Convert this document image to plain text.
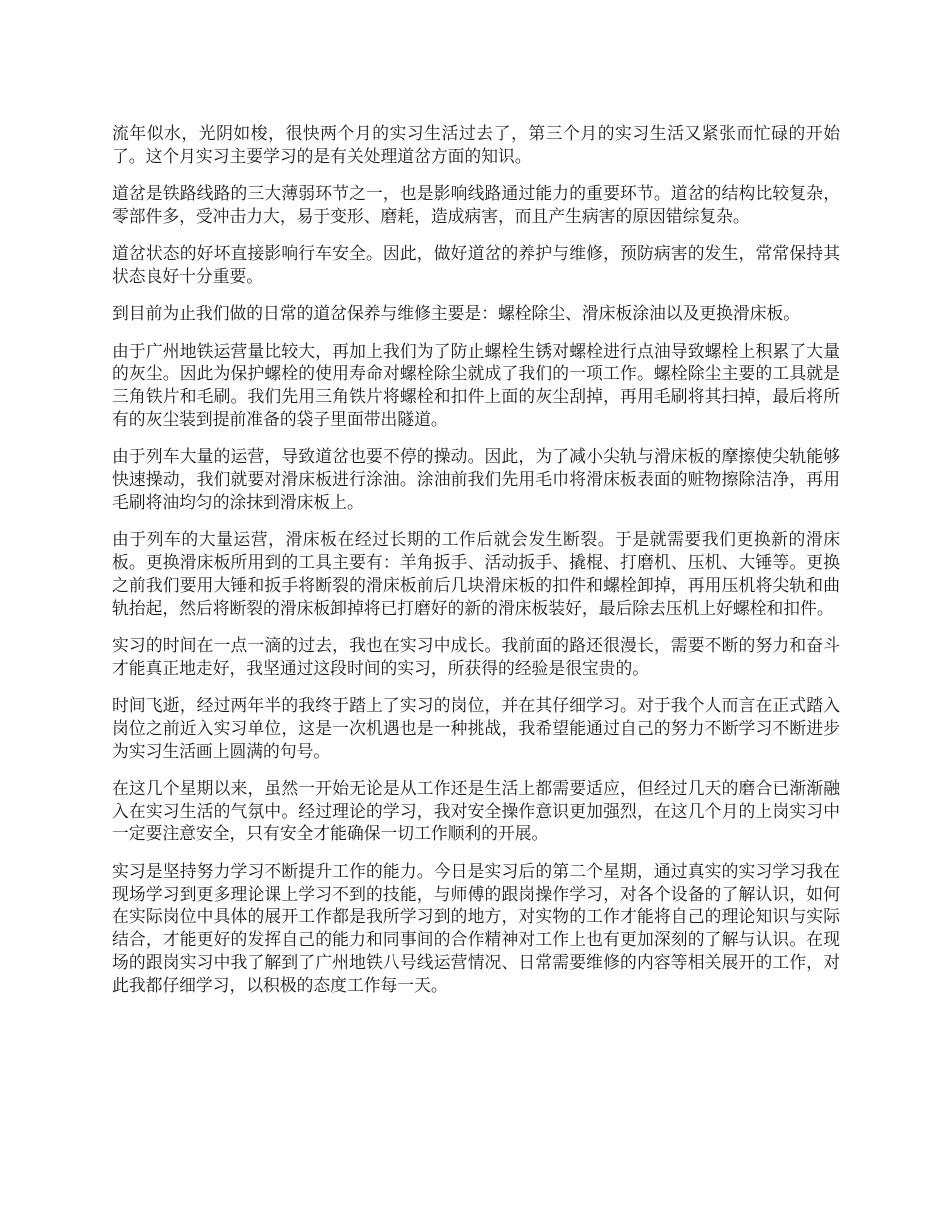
流年似水，光阴如梭，很快两个月的实习生活过去了，第三个月的实习生活又紧张而忙碌的开始了。这个月实习主要学习的是有关处理道岔方面的知识。

道岔是铁路线路的三大薄弱环节之一，也是影响线路通过能力的重要环节。道岔的结构比较复杂，零部件多，受冲击力大，易于变形、磨耗，造成病害，而且产生病害的原因错综复杂。

道岔状态的好坏直接影响行车安全。因此，做好道岔的养护与维修，预防病害的发生，常常保持其状态良好十分重要。

到目前为止我们做的日常的道岔保养与维修主要是：螺栓除尘、滑床板涂油以及更换滑床板。

由于广州地铁运营量比较大，再加上我们为了防止螺栓生锈对螺栓进行点油导致螺栓上积累了大量的灰尘。因此为保护螺栓的使用寿命对螺栓除尘就成了我们的一项工作。螺栓除尘主要的工具就是三角铁片和毛刷。我们先用三角铁片将螺栓和扣件上面的灰尘刮掉，再用毛刷将其扫掉，最后将所有的灰尘装到提前准备的袋子里面带出隧道。

由于列车大量的运营，导致道岔也要不停的操动。因此，为了减小尖轨与滑床板的摩擦使尖轨能够快速操动，我们就要对滑床板进行涂油。涂油前我们先用毛巾将滑床板表面的赃物擦除洁净，再用毛刷将油均匀的涂抹到滑床板上。

由于列车的大量运营，滑床板在经过长期的工作后就会发生断裂。于是就需要我们更换新的滑床板。更换滑床板所用到的工具主要有：羊角扳手、活动扳手、撬棍、打磨机、压机、大锤等。更换之前我们要用大锤和扳手将断裂的滑床板前后几块滑床板的扣件和螺栓卸掉，再用压机将尖轨和曲轨抬起，然后将断裂的滑床板卸掉将已打磨好的新的滑床板装好，最后除去压机上好螺栓和扣件。

实习的时间在一点一滴的过去，我也在实习中成长。我前面的路还很漫长，需要不断的努力和奋斗才能真正地走好，我坚通过这段时间的实习，所获得的经验是很宝贵的。

时间飞逝，经过两年半的我终于踏上了实习的岗位，并在其仔细学习。对于我个人而言在正式踏入岗位之前近入实习单位，这是一次机遇也是一种挑战，我希望能通过自己的努力不断学习不断进步为实习生活画上圆满的句号。

在这几个星期以来，虽然一开始无论是从工作还是生活上都需要适应，但经过几天的磨合已渐渐融入在实习生活的气氛中。经过理论的学习，我对安全操作意识更加强烈，在这几个月的上岗实习中一定要注意安全，只有安全才能确保一切工作顺利的开展。

实习是坚持努力学习不断提升工作的能力。今日是实习后的第二个星期，通过真实的实习学习我在现场学习到更多理论课上学习不到的技能，与师傅的跟岗操作学习，对各个设备的了解认识，如何在实际岗位中具体的展开工作都是我所学习到的地方，对实物的工作才能将自己的理论知识与实际结合，才能更好的发挥自己的能力和同事间的合作精神对工作上也有更加深刻的了解与认识。在现场的跟岗实习中我了解到了广州地铁八号线运营情况、日常需要维修的内容等相关展开的工作，对此我都仔细学习，以积极的态度工作每一天。
